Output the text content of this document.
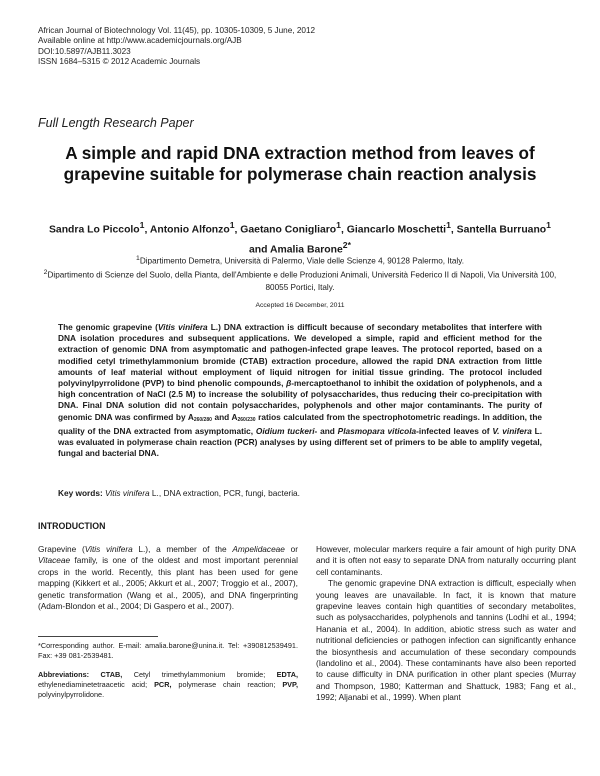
African Journal of Biotechnology Vol. 11(45), pp. 10305-10309, 5 June, 2012
Available online at http://www.academicjournals.org/AJB
DOI:10.5897/AJB11.3023
ISSN 1684–5315 © 2012 Academic Journals
Full Length Research Paper
A simple and rapid DNA extraction method from leaves of grapevine suitable for polymerase chain reaction analysis
Sandra Lo Piccolo$^1$, Antonio Alfonzo$^1$, Gaetano Conigliaro$^1$, Giancarlo Moschetti$^1$, Santella Burruano$^1$ and Amalia Barone$^{2*}$
$^1$Dipartimento Demetra, Università di Palermo, Viale delle Scienze 4, 90128 Palermo, Italy.
$^2$Dipartimento di Scienze del Suolo, della Pianta, dell'Ambiente e delle Produzioni Animali, Università Federico II di Napoli, Via Università 100, 80055 Portici, Italy.
Accepted 16 December, 2011
The genomic grapevine (Vitis vinifera L.) DNA extraction is difficult because of secondary metabolites that interfere with DNA isolation procedures and subsequent applications. We developed a simple, rapid and efficient method for the extraction of genomic DNA from asymptomatic and pathogen-infected grape leaves. The protocol reported, based on a modified cetyl trimethylammonium bromide (CTAB) extraction procedure, allowed the rapid DNA extraction from little amounts of leaf material without employment of liquid nitrogen for initial tissue grinding. The protocol included polyvinylpyrrolidone (PVP) to bind phenolic compounds, β-mercaptoethanol to inhibit the oxidation of polyphenols, and a high concentration of NaCl (2.5 M) to increase the solubility of polysaccharides, thus reducing their co-precipitation with DNA. Final DNA solution did not contain polysaccharides, polyphenols and other major contaminants. The purity of genomic DNA was confirmed by $A_{260/280}$ and $A_{260/230}$ ratios calculated from the spectrophotometric readings. In addition, the quality of the DNA extracted from asymptomatic, Oidium tuckeri- and Plasmopara viticola-infected leaves of V. vinifera L. was evaluated in polymerase chain reaction (PCR) analyses by using different set of primers to be able to amplify vegetal, fungal and bacterial DNA.
Key words: Vitis vinifera L., DNA extraction, PCR, fungi, bacteria.
INTRODUCTION

Grapevine (Vitis vinifera L.), a member of the Ampelidaceae or Vitaceae family, is one of the oldest and most important perennial crops in the world. Recently, this plant has been used for gene mapping (Kikkert et al., 2005; Akkurt et al., 2007; Troggio et al., 2007), genetic transformation (Wang et al., 2005), and DNA fingerprinting (Adam-Blondon et al., 2004; Di Gaspero et al., 2007).

*Corresponding author. E-mail: amalia.barone@unina.it. Tel: +390812539491. Fax: +39 081-2539481.
Abbreviations: CTAB, Cetyl trimethylammonium bromide; EDTA, ethylenediaminetetraacetic acid; PCR, polymerase chain reaction; PVP, polyvinylpyrrolidone.

However, molecular markers require a fair amount of high purity DNA and it is often not easy to separate DNA from naturally occurring plant cell contaminants.

The genomic grapevine DNA extraction is difficult, especially when young leaves are unavailable. In fact, it is known that mature grapevine leaves contain high quantities of secondary metabolites, such as polysaccharides, polyphenols and tannins (Lodhi et al., 1994; Hanania et al., 2004). In addition, abiotic stress such as water and nutritional deficiencies or pathogen infection can significantly enhance the biosynthesis and accumulation of these secondary compounds (Iandolino et al., 2004). These contaminants have also been reported to cause difficulty in DNA purification in other plant species (Murray and Thompson, 1980; Katterman and Shattuck, 1983; Fang et al., 1992; Aljanabi et al., 1999). When plant
